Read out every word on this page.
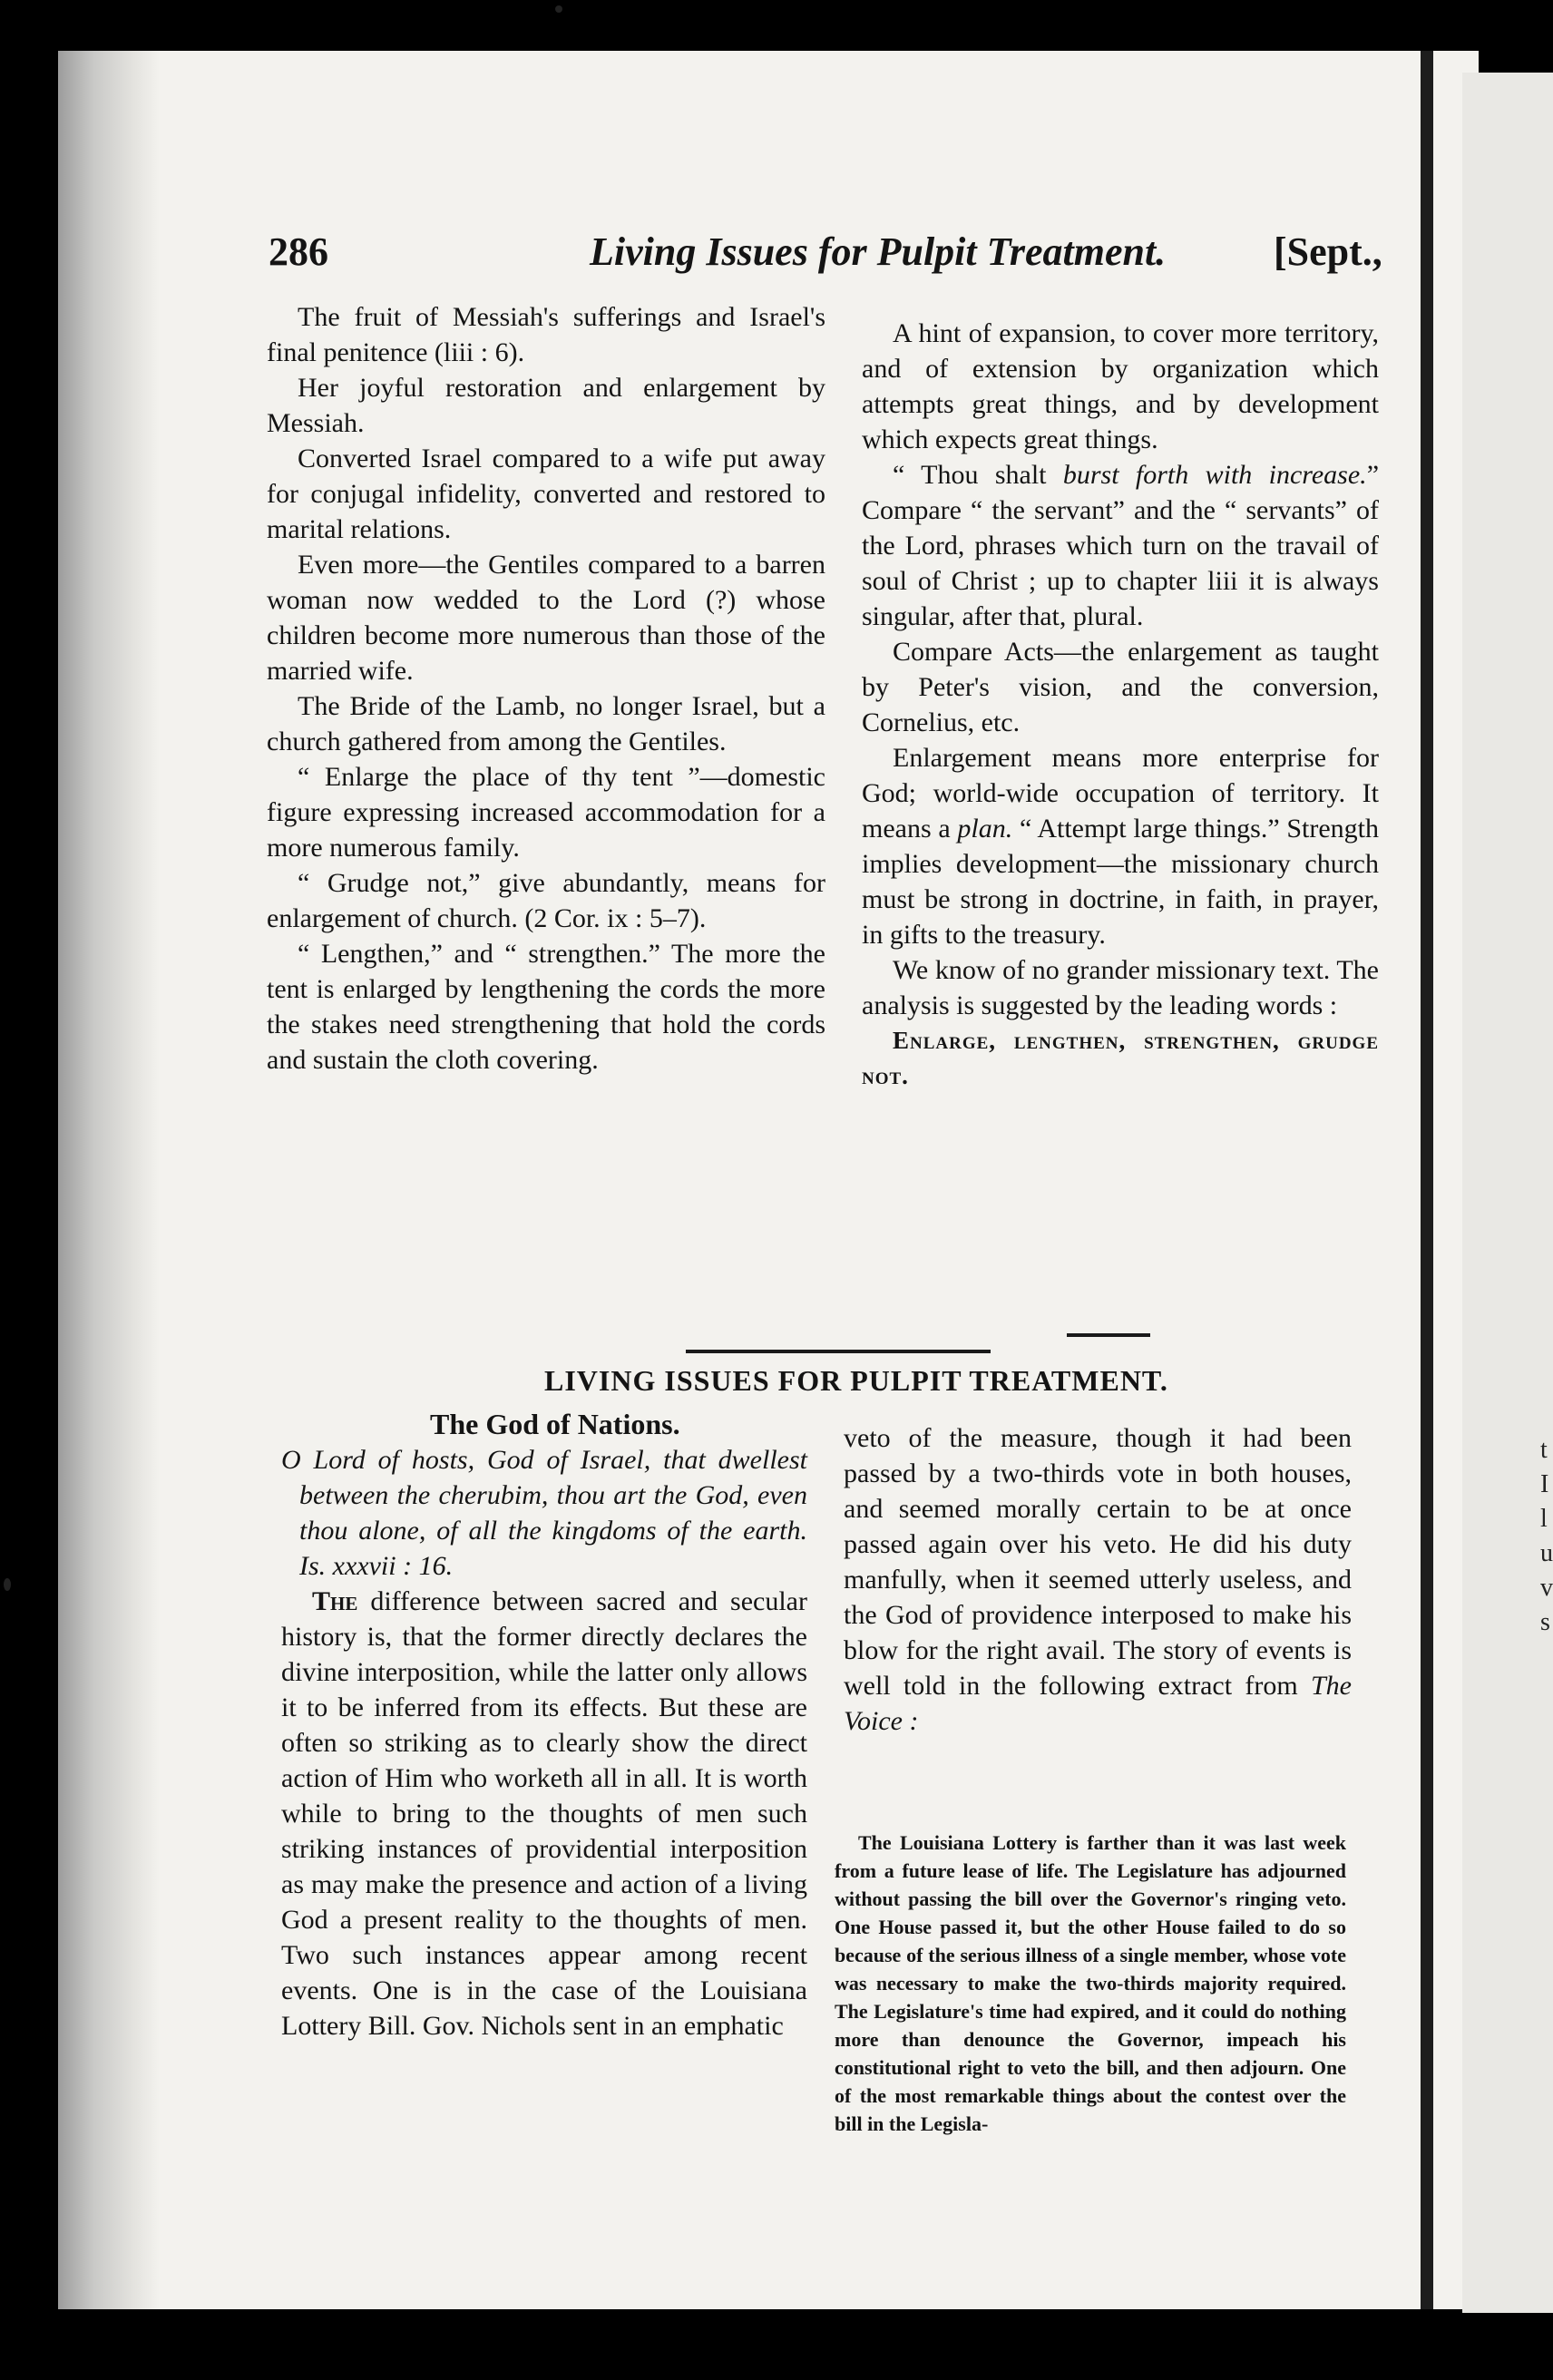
t
I
l
u
v
s
286	Living Issues for Pulpit Treatment.	[Sept.,

The fruit of Messiah's sufferings and Israel's final penitence (liii : 6).

Her joyful restoration and enlargement by Messiah.

Converted Israel compared to a wife put away for conjugal infidelity, converted and restored to marital relations.

Even more—the Gentiles compared to a barren woman now wedded to the Lord (?) whose children become more numerous than those of the married wife.

The Bride of the Lamb, no longer Israel, but a church gathered from among the Gentiles.

“ Enlarge the place of thy tent ”—domestic figure expressing increased accommodation for a more numerous family.

“ Grudge not,” give abundantly, means for enlargement of church. (2 Cor. ix : 5–7).

“ Lengthen,” and “ strengthen.” The more the tent is enlarged by lengthening the cords the more the stakes need strengthening that hold the cords and sustain the cloth covering.

A hint of expansion, to cover more territory, and of extension by organization which attempts great things, and by development which expects great things.

“ Thou shalt burst forth with increase.” Compare “ the servant” and the “ servants” of the Lord, phrases which turn on the travail of soul of Christ ; up to chapter liii it is always singular, after that, plural.

Compare Acts—the enlargement as taught by Peter's vision, and the conversion, Cornelius, etc.

Enlargement means more enterprise for God; world-wide occupation of territory. It means a plan. “ Attempt large things.” Strength implies development—the missionary church must be strong in doctrine, in faith, in prayer, in gifts to the treasury.

We know of no grander missionary text. The analysis is suggested by the leading words :

Enlarge, lengthen, strengthen, grudge not.

LIVING ISSUES FOR PULPIT TREATMENT.
The God of Nations.

O Lord of hosts, God of Israel, that dwellest between the cherubim, thou art the God, even thou alone, of all the kingdoms of the earth. Is. xxxvii : 16.

The difference between sacred and secular history is, that the former directly declares the divine interposition, while the latter only allows it to be inferred from its effects. But these are often so striking as to clearly show the direct action of Him who worketh all in all. It is worth while to bring to the thoughts of men such striking instances of providential interposition as may make the presence and action of a living God a present reality to the thoughts of men. Two such instances appear among recent events. One is in the case of the Louisiana Lottery Bill. Gov. Nichols sent in an emphatic

veto of the measure, though it had been passed by a two-thirds vote in both houses, and seemed morally certain to be at once passed again over his veto. He did his duty manfully, when it seemed utterly useless, and the God of providence interposed to make his blow for the right avail. The story of events is well told in the following extract from The Voice :

The Louisiana Lottery is farther than it was last week from a future lease of life. The Legislature has adjourned without passing the bill over the Governor's ringing veto. One House passed it, but the other House failed to do so because of the serious illness of a single member, whose vote was necessary to make the two-thirds majority required. The Legislature's time had expired, and it could do nothing more than denounce the Governor, impeach his constitutional right to veto the bill, and then adjourn. One of the most remarkable things about the contest over the bill in the Legisla-
